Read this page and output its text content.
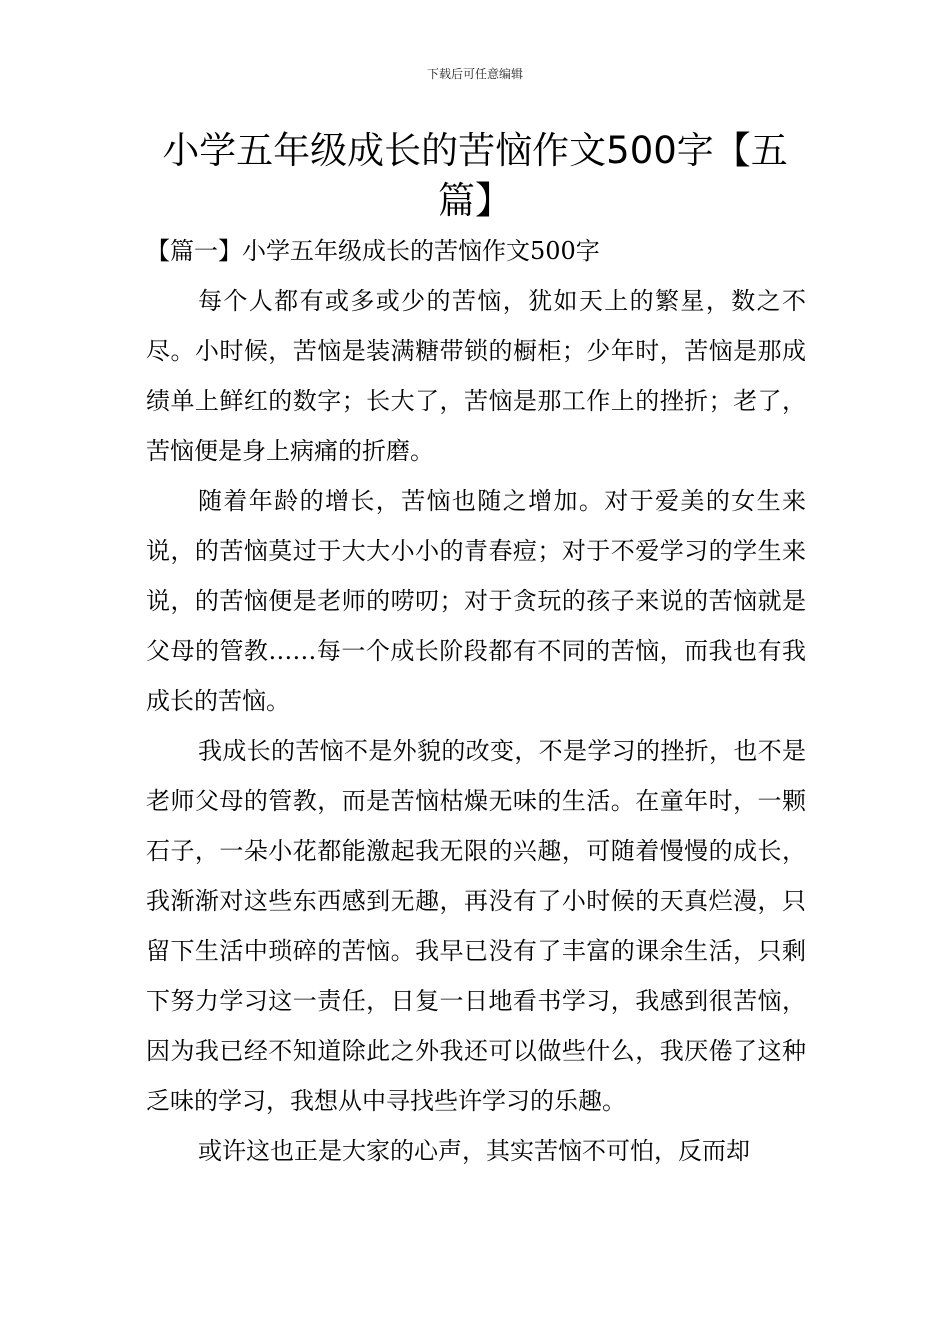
下载后可任意编辑
小学五年级成长的苦恼作文500字【五篇】

【篇一】小学五年级成长的苦恼作文500字

每个人都有或多或少的苦恼，犹如天上的繁星，数之不尽。小时候，苦恼是装满糖带锁的橱柜；少年时，苦恼是那成绩单上鲜红的数字；长大了，苦恼是那工作上的挫折；老了，苦恼便是身上病痛的折磨。

随着年龄的增长，苦恼也随之增加。对于爱美的女生来说，的苦恼莫过于大大小小的青春痘；对于不爱学习的学生来说，的苦恼便是老师的唠叨；对于贪玩的孩子来说的苦恼就是父母的管教……每一个成长阶段都有不同的苦恼，而我也有我成长的苦恼。

我成长的苦恼不是外貌的改变，不是学习的挫折，也不是老师父母的管教，而是苦恼枯燥无味的生活。在童年时，一颗石子，一朵小花都能激起我无限的兴趣，可随着慢慢的成长，我渐渐对这些东西感到无趣，再没有了小时候的天真烂漫，只留下生活中琐碎的苦恼。我早已没有了丰富的课余生活，只剩下努力学习这一责任，日复一日地看书学习，我感到很苦恼，因为我已经不知道除此之外我还可以做些什么，我厌倦了这种乏味的学习，我想从中寻找些许学习的乐趣。

或许这也正是大家的心声，其实苦恼不可怕，反而却
